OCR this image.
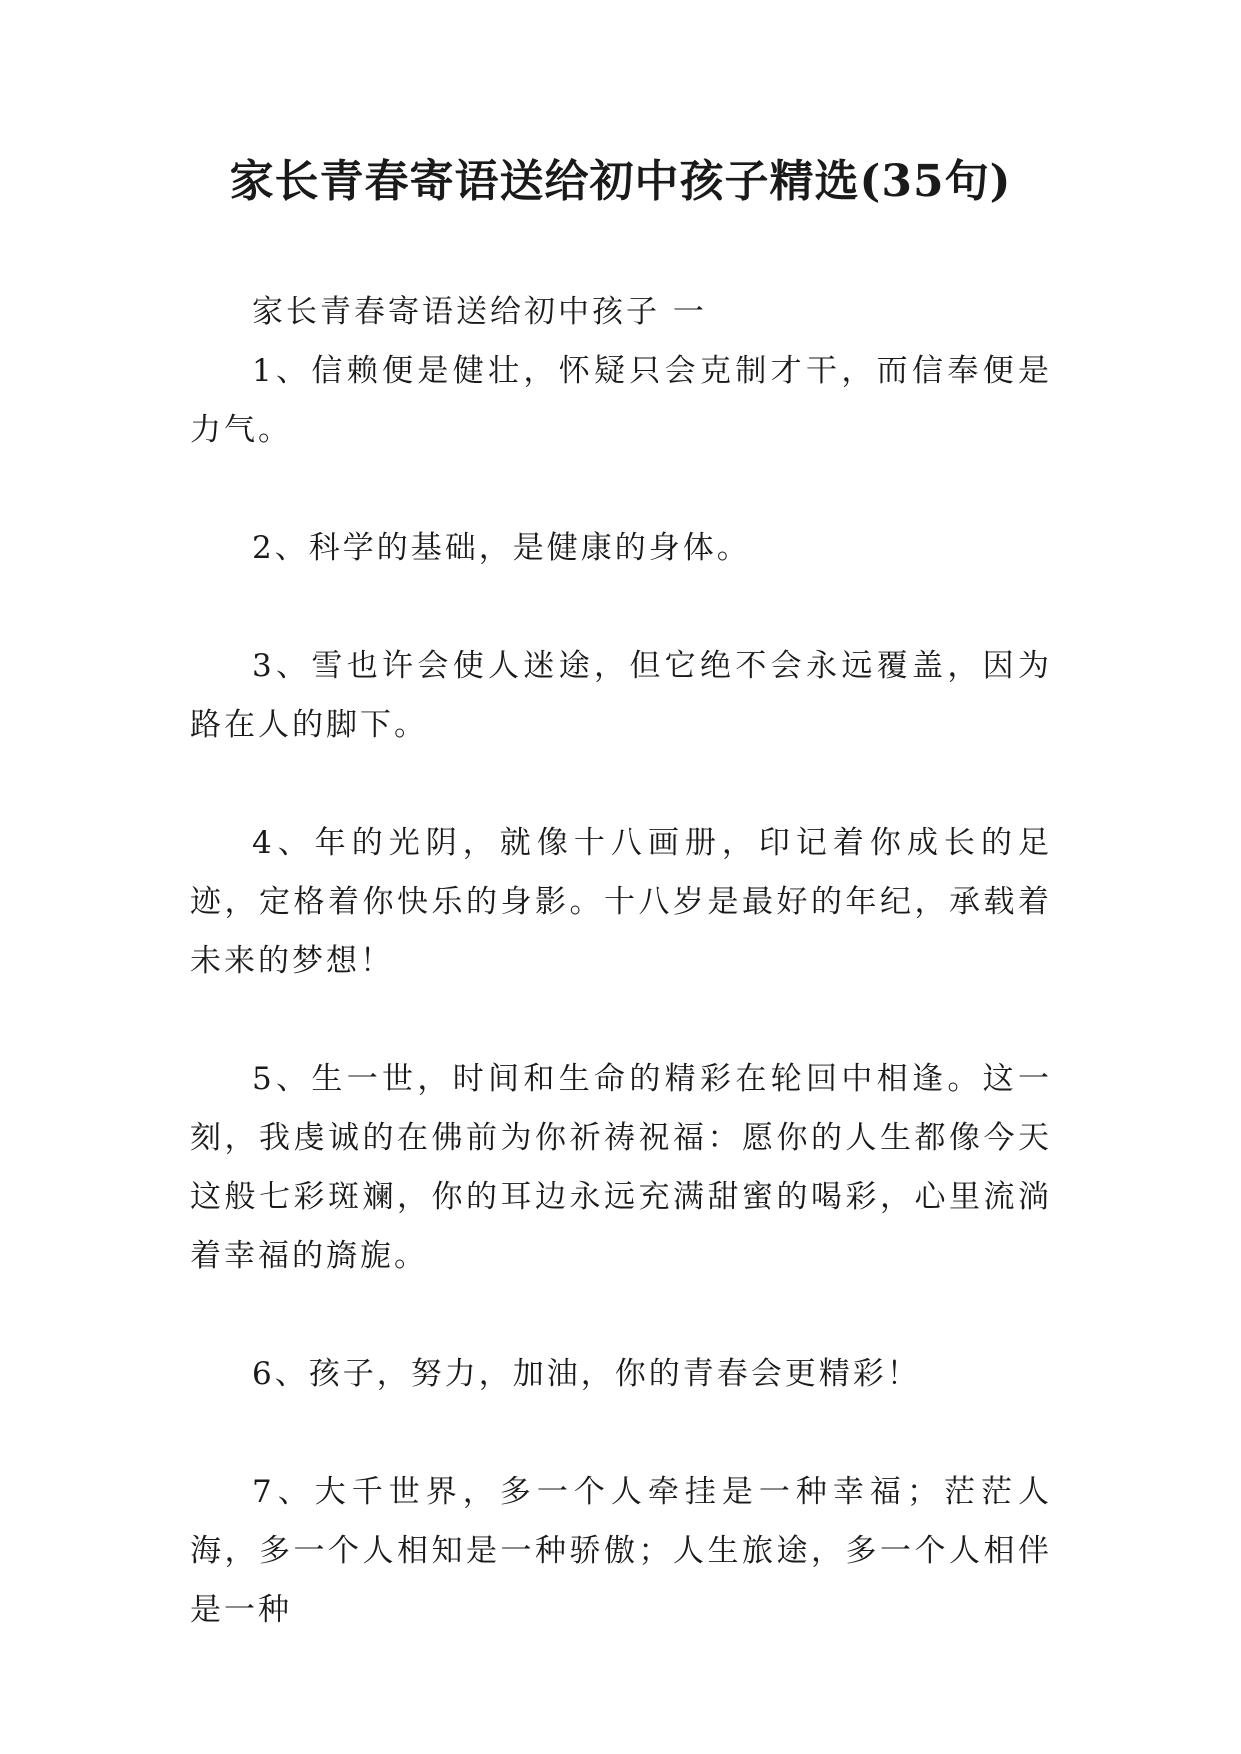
家长青春寄语送给初中孩子精选(35句)

家长青春寄语送给初中孩子 一

1、信赖便是健壮，怀疑只会克制才干，而信奉便是力气。

2、科学的基础，是健康的身体。

3、雪也许会使人迷途，但它绝不会永远覆盖，因为路在人的脚下。

4、年的光阴，就像十八画册，印记着你成长的足迹，定格着你快乐的身影。十八岁是最好的年纪，承载着未来的梦想！

5、生一世，时间和生命的精彩在轮回中相逢。这一刻，我虔诚的在佛前为你祈祷祝福：愿你的人生都像今天这般七彩斑斓，你的耳边永远充满甜蜜的喝彩，心里流淌着幸福的旖旎。

6、孩子，努力，加油，你的青春会更精彩！

7、大千世界，多一个人牵挂是一种幸福；茫茫人海，多一个人相知是一种骄傲；人生旅途，多一个人相伴是一种
